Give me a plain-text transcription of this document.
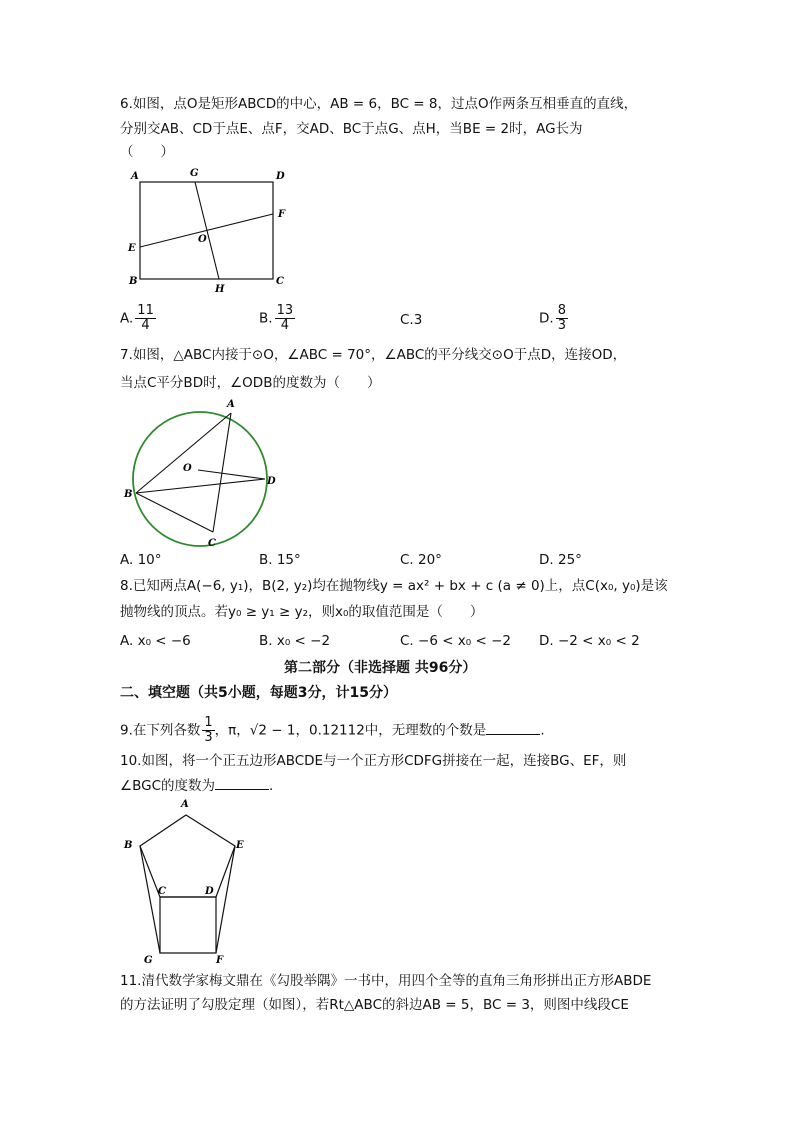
6.如图，点O是矩形ABCD的中心，AB = 6，BC = 8，过点O作两条互相垂直的直线，
分别交AB、CD于点E、点F，交AD、BC于点G、点H，当BE = 2时，AG长为
（　　）
A	G	D
F
O
E
B
H
C
A. $\frac{11}{4}$	B. $\frac{13}{4}$	C.3	D. $\frac{8}{3}$
7.如图，△ABC内接于⊙O，∠ABC = 70°，∠ABC的平分线交⊙O于点D，连接OD，
当点C平分BD时，∠ODB的度数为（　　）
A
O
B
D
C
A. 10°	B. 15°	C. 20°	D. 25°
8.已知两点A(−6, y₁)，B(2, y₂)均在抛物线y = ax² + bx + c (a ≠ 0)上，点C(x₀, y₀)是该
抛物线的顶点。若y₀ ≥ y₁ ≥ y₂，则x₀的取值范围是（　　）
A. x₀ < −6	B. x₀ < −2	C. −6 < x₀ < −2 D. −2 < x₀ < 2
第二部分（非选择题 共96分）
二、填空题（共5小题，每题3分，计15分）
9.在下列各数 $\frac{1}{3}$ ，π，√2 − 1，0.12112中，无理数的个数是	.
10.如图，将一个正五边形ABCDE与一个正方形CDFG拼接在一起，连接BG、EF，则
∠BGC的度数为	.
A
B	E
C	D
G	F
11.清代数学家梅文鼎在《勾股举隅》一书中，用四个全等的直角三角形拼出正方形ABDE
的方法证明了勾股定理（如图），若Rt△ABC的斜边AB = 5，BC = 3，则图中线段CE
